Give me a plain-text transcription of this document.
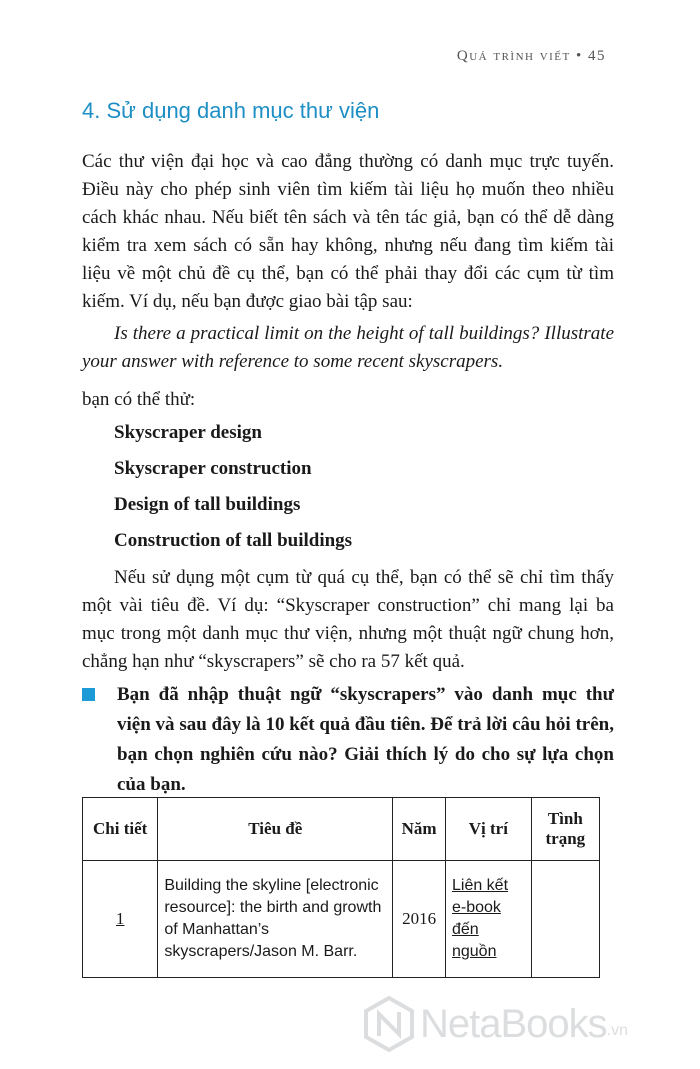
Quá trình viết • 45
4. Sử dụng danh mục thư viện

Các thư viện đại học và cao đẳng thường có danh mục trực tuyến. Điều này cho phép sinh viên tìm kiếm tài liệu họ muốn theo nhiều cách khác nhau. Nếu biết tên sách và tên tác giả, bạn có thể dễ dàng kiểm tra xem sách có sẵn hay không, nhưng nếu đang tìm kiếm tài liệu về một chủ đề cụ thể, bạn có thể phải thay đổi các cụm từ tìm kiếm. Ví dụ, nếu bạn được giao bài tập sau:

Is there a practical limit on the height of tall buildings? Illustrate your answer with reference to some recent skyscrapers.

bạn có thể thử:

Skyscraper design
Skyscraper construction
Design of tall buildings
Construction of tall buildings

Nếu sử dụng một cụm từ quá cụ thể, bạn có thể sẽ chỉ tìm thấy một vài tiêu đề. Ví dụ: “Skyscraper construction” chỉ mang lại ba mục trong một danh mục thư viện, nhưng một thuật ngữ chung hơn, chẳng hạn như “skyscrapers” sẽ cho ra 57 kết quả.

Bạn đã nhập thuật ngữ “skyscrapers” vào danh mục thư viện và sau đây là 10 kết quả đầu tiên. Để trả lời câu hỏi trên, bạn chọn nghiên cứu nào? Giải thích lý do cho sự lựa chọn của bạn.
Chi tiết	Tiêu đề	Năm	Vị trí	Tình trạng
1	Building the skyline [electronic resource]: the birth and growth of Manhattan’s skyscrapers/Jason M. Barr.	2016	Liên kết e-book đến nguồn	
NetaBooks .vn
